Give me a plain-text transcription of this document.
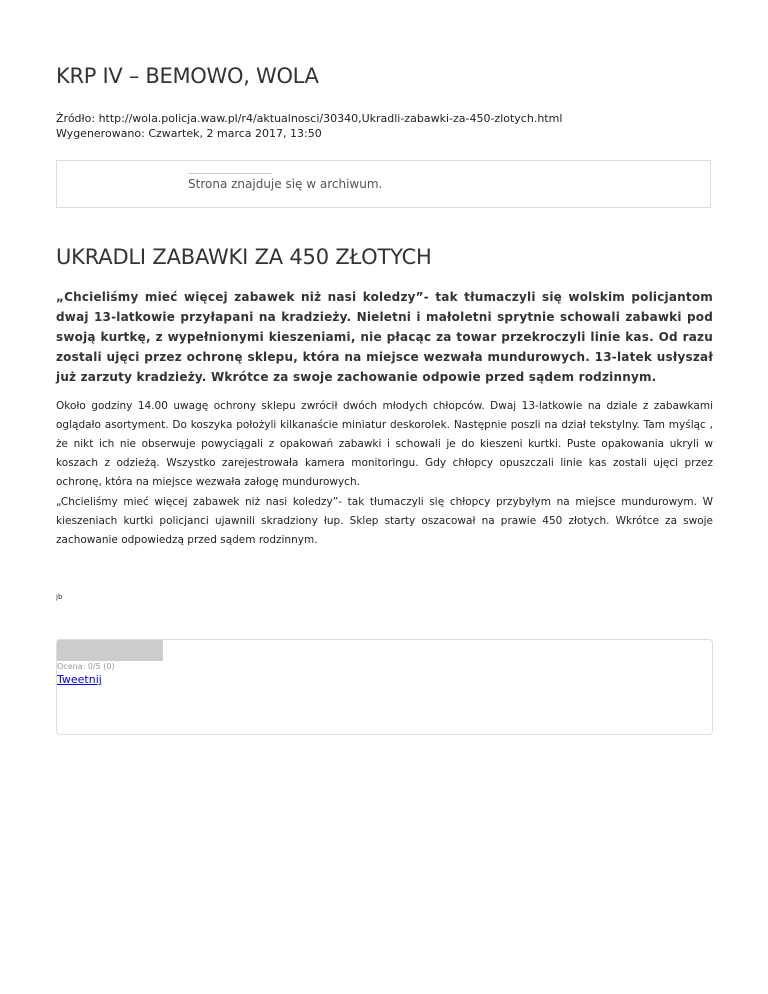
KRP IV – BEMOWO, WOLA
Źródło: http://wola.policja.waw.pl/r4/aktualnosci/30340,Ukradli-zabawki-za-450-zlotych.html
Wygenerowano: Czwartek, 2 marca 2017, 13:50
Strona znajduje się w archiwum.
UKRADLI ZABAWKI ZA 450 ZŁOTYCH

„Chcieliśmy mieć więcej zabawek niż nasi koledzy”- tak tłumaczyli się wolskim policjantom dwaj 13-latkowie przyłapani na kradzieży. Nieletni i małoletni sprytnie schowali zabawki pod swoją kurtkę, z wypełnionymi kieszeniami, nie płacąc za towar przekroczyli linie kas. Od razu zostali ujęci przez ochronę sklepu, która na miejsce wezwała mundurowych. 13-latek usłyszał już zarzuty kradzieży. Wkrótce za swoje zachowanie odpowie przed sądem rodzinnym.

Około godziny 14.00 uwagę ochrony sklepu zwrócił dwóch młodych chłopców. Dwaj 13-latkowie na dziale z zabawkami oglądało asortyment. Do koszyka położyli kilkanaście miniatur deskorolek. Następnie poszli na dział tekstylny. Tam myśląc , że nikt ich nie obserwuje powyciągali z opakowań zabawki i schowali je do kieszeni kurtki. Puste opakowania ukryli w koszach z odzieżą. Wszystko zarejestrowała kamera monitoringu. Gdy chłopcy opuszczali linie kas zostali ujęci przez ochronę, która na miejsce wezwała załogę mundurowych.

„Chcieliśmy mieć więcej zabawek niż nasi koledzy”- tak tłumaczyli się chłopcy przybyłym na miejsce mundurowym. W kieszeniach kurtki policjanci ujawnili skradziony łup. Sklep starty oszacował na prawie 450 złotych. Wkrótce za swoje zachowanie odpowiedzą przed sądem rodzinnym.

jb
Ocena: 0/5 (0)
Tweetnij
